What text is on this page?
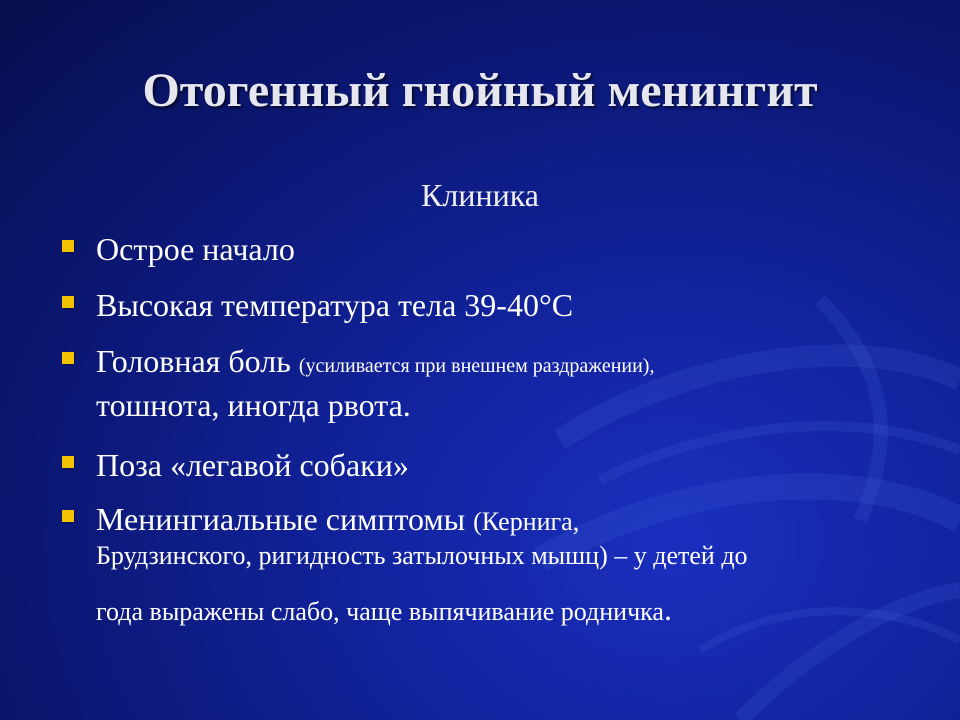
Отогенный гнойный менингит

Клиника

Острое начало
Высокая температура тела 39-40°С
Головная боль (усиливается при внешнем раздражении),
тошнота, иногда рвота.
Поза «легавой собаки»
Менингиальные симптомы (Кернига,
Брудзинского, ригидность затылочных мышц) – у детей до
года выражены слабо, чаще выпячивание родничка.
